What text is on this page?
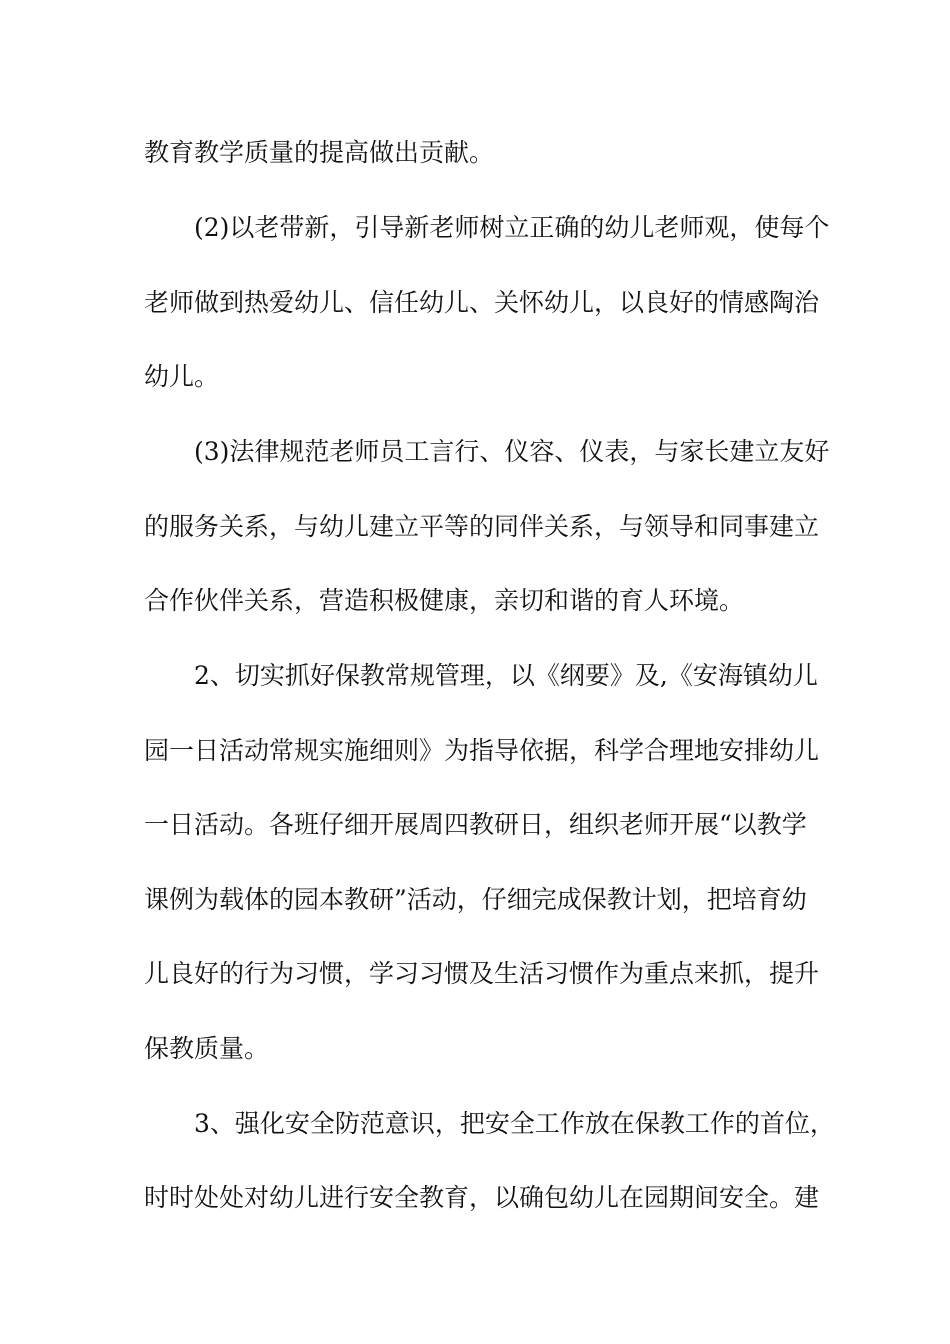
教育教学质量的提高做出贡献。
(2)以老带新，引导新老师树立正确的幼儿老师观，使每个
老师做到热爱幼儿、信任幼儿、关怀幼儿，以良好的情感陶治
幼儿。
(3)法律规范老师员工言行、仪容、仪表，与家长建立友好
的服务关系，与幼儿建立平等的同伴关系，与领导和同事建立
合作伙伴关系，营造积极健康，亲切和谐的育人环境。
2、切实抓好保教常规管理，以《纲要》及,《安海镇幼儿
园一日活动常规实施细则》为指导依据，科学合理地安排幼儿
一日活动。各班仔细开展周四教研日，组织老师开展“以教学
课例为载体的园本教研”活动，仔细完成保教计划，把培育幼
儿良好的行为习惯，学习习惯及生活习惯作为重点来抓，提升
保教质量。
3、强化安全防范意识，把安全工作放在保教工作的首位，
时时处处对幼儿进行安全教育，以确包幼儿在园期间安全。建
